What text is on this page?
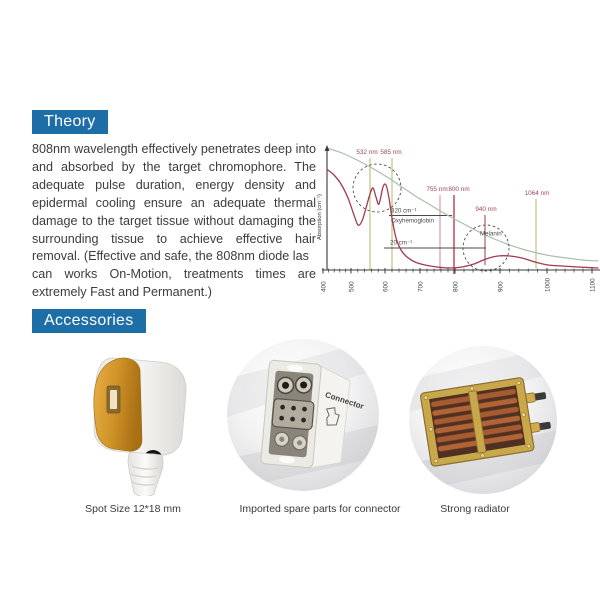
Theory
808nm wavelength effectively penetrates deep into and absorbed by the target chromophore. The adequate pulse duration, energy density and epidermal cooling ensure an adequate thermal damage to the target tissue without damaging the surrounding tissue to achieve effective hair removal. (Effective and safe, the 808nm diode las   can works On-Motion, treatments times are extremely Fast and Permanent.)
532 nm 585 nm
755 nm 800 nm
940 nm
1064 nm
320 cm⁻¹
20 cm⁻¹
Oxyhemoglobin
Melanin
400	500	600	700	800	900	1000	1100
Absorption (cm⁻¹)
Accessories
Connector
Spot Size 12*18 mm	Imported spare parts for connector	Strong radiator
